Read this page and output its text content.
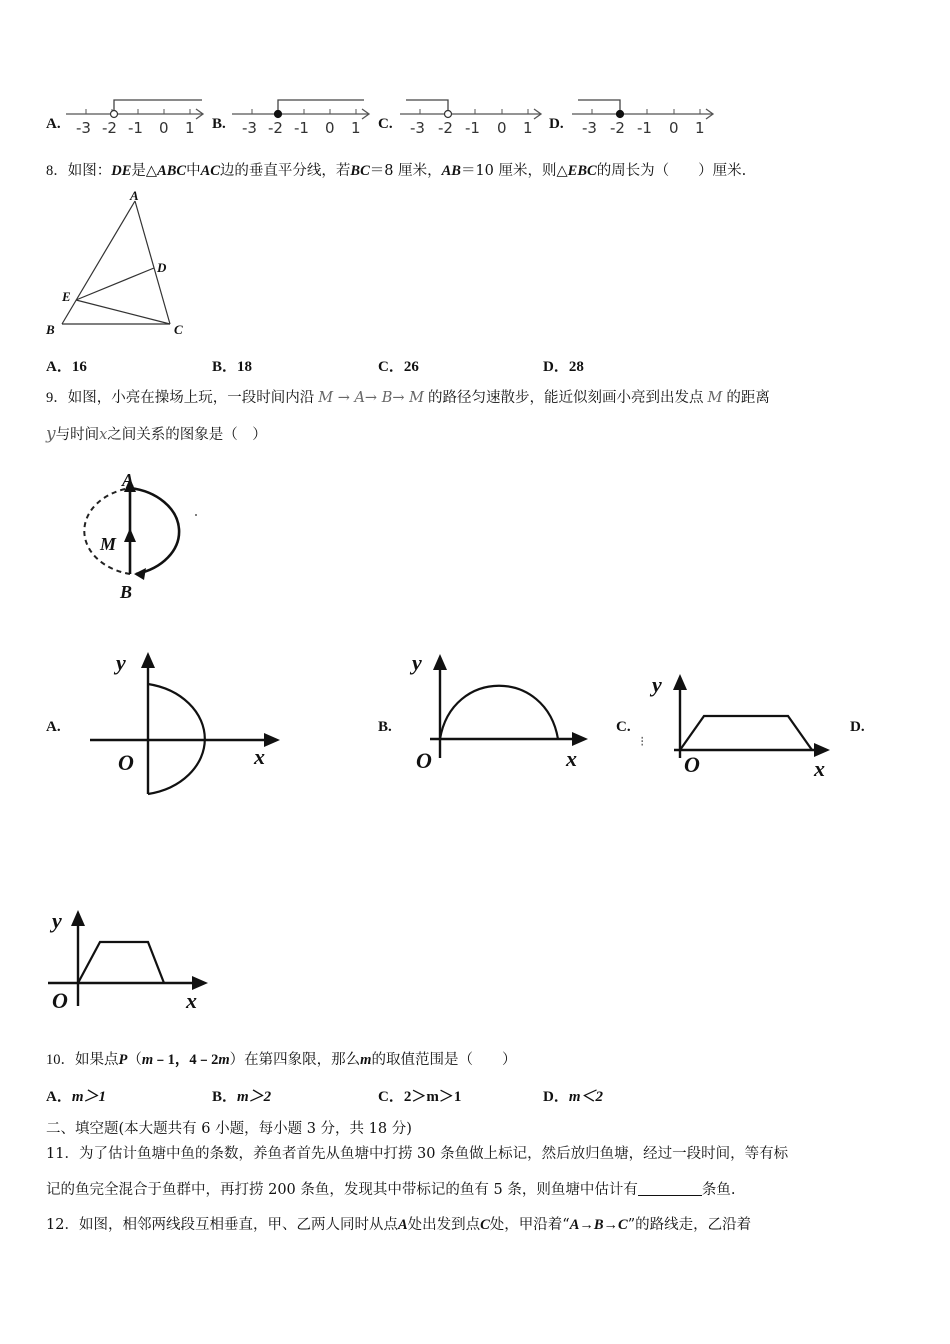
A. -3 -2 -1 0 1 B. -3 -2 -1 0 1 C. -3 -2 -1 0 1 D. -3 -2 -1 0 1
8．如图：DE是△ABC中AC边的垂直平分线，若BC＝8 厘米，AB＝10 厘米，则△EBC的周长为（　　）厘米.
A
D
E
B	C
A．16	B．18	C．26	D．28
9．如图，小亮在操场上玩，一段时间内沿 M → A→ B→ M 的路径匀速散步，能近似刻画小亮到出发点 M 的距离
y与时间x之间关系的图象是（　）
A
M
B
A.	B.	C.	D.
y
O	x
y
O	x
y
O	x
⁝
y
O	x
10．如果点P（m﹣1，4﹣2m）在第四象限，那么m的取值范围是（　　）
A．m＞1	B．m＞2	C．2＞m＞1	D．m＜2
二、填空题(本大题共有 6 小题，每小题 3 分，共 18 分)
11．为了估计鱼塘中鱼的条数，养鱼者首先从鱼塘中打捞 30 条鱼做上标记，然后放归鱼塘，经过一段时间，等有标
记的鱼完全混合于鱼群中，再打捞 200 条鱼，发现其中带标记的鱼有 5 条，则鱼塘中估计有	条鱼.
12．如图，相邻两线段互相垂直，甲、乙两人同时从点A处出发到点C处，甲沿着“A→B→C”的路线走，乙沿着
